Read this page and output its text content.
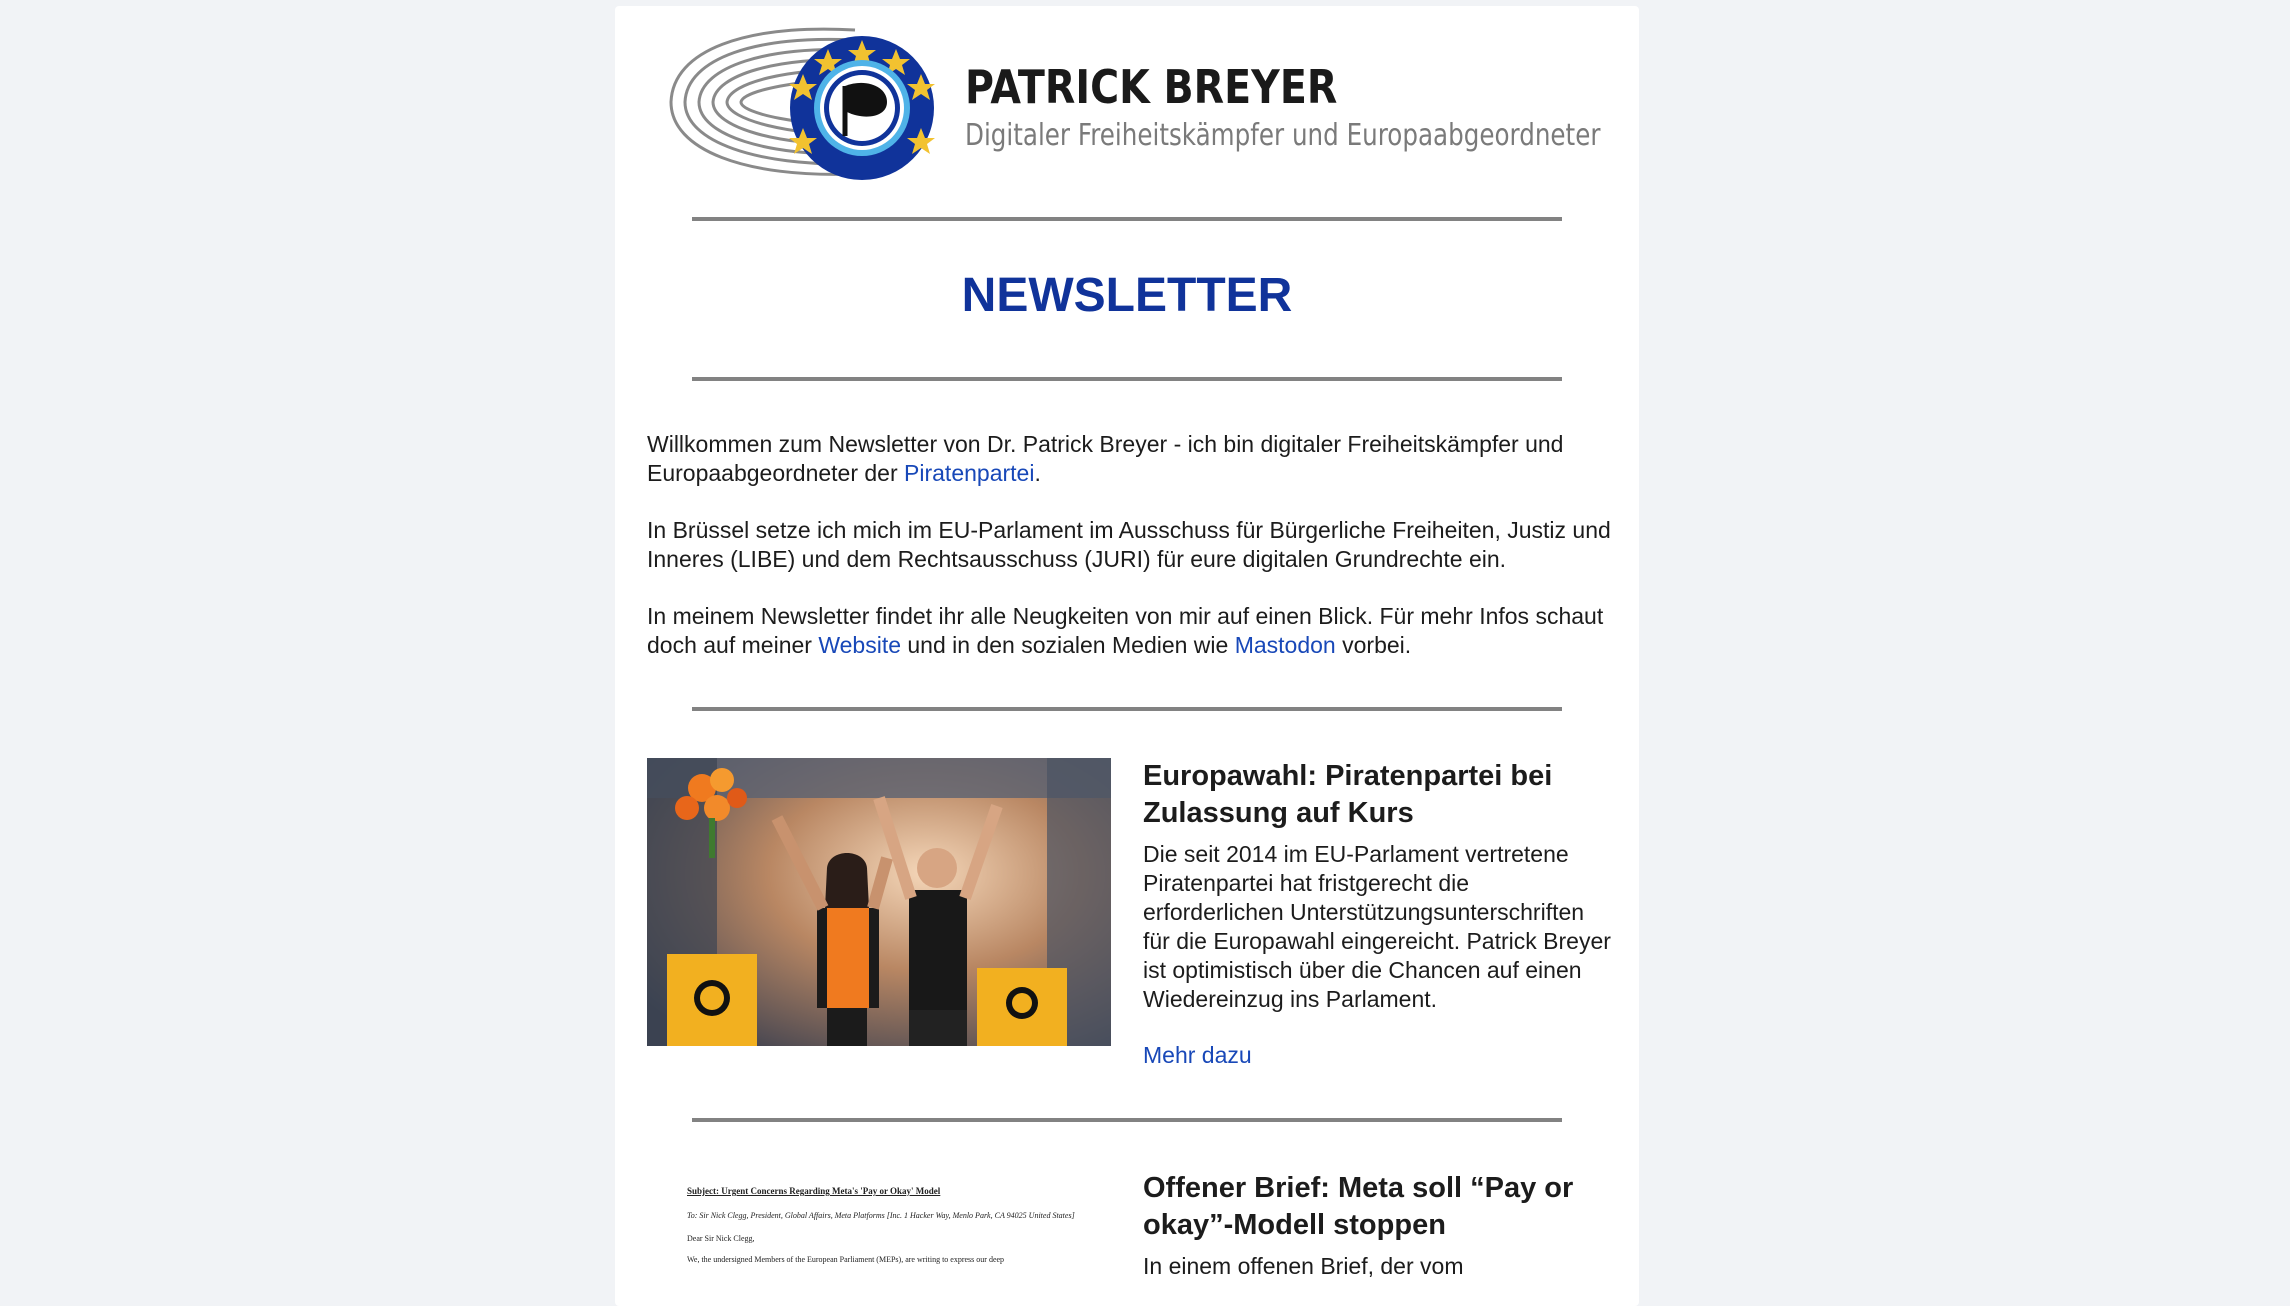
PATRICK BREYER
Digitaler Freiheitskämpfer und Europaabgeordneter
NEWSLETTER

Willkommen zum Newsletter von Dr. Patrick Breyer - ich bin digitaler Freiheitskämpfer und Europaabgeordneter der Piratenpartei.

In Brüssel setze ich mich im EU-Parlament im Ausschuss für Bürgerliche Freiheiten, Justiz und Inneres (LIBE) und dem Rechtsausschuss (JURI) für eure digitalen Grundrechte ein.

In meinem Newsletter findet ihr alle Neugkeiten von mir auf einen Blick. Für mehr Infos schaut doch auf meiner Website und in den sozialen Medien wie Mastodon vorbei.

Europawahl: Piratenpartei bei Zulassung auf Kurs

Die seit 2014 im EU-Parlament vertretene Piratenpartei hat fristgerecht die erforderlichen Unterstützungsunterschriften für die Europawahl eingereicht. Patrick Breyer ist optimistisch über die Chancen auf einen Wiedereinzug ins Parlament.

Mehr dazu
Subject: Urgent Concerns Regarding Meta's 'Pay or Okay' Model
To: Sir Nick Clegg, President, Global Affairs, Meta Platforms [Inc. 1 Hacker Way, Menlo Park, CA 94025 United States]
Dear Sir Nick Clegg,
We, the undersigned Members of the European Parliament (MEPs), are writing to express our deep
Offener Brief: Meta soll “Pay or okay”-Modell stoppen

In einem offenen Brief, der vom
